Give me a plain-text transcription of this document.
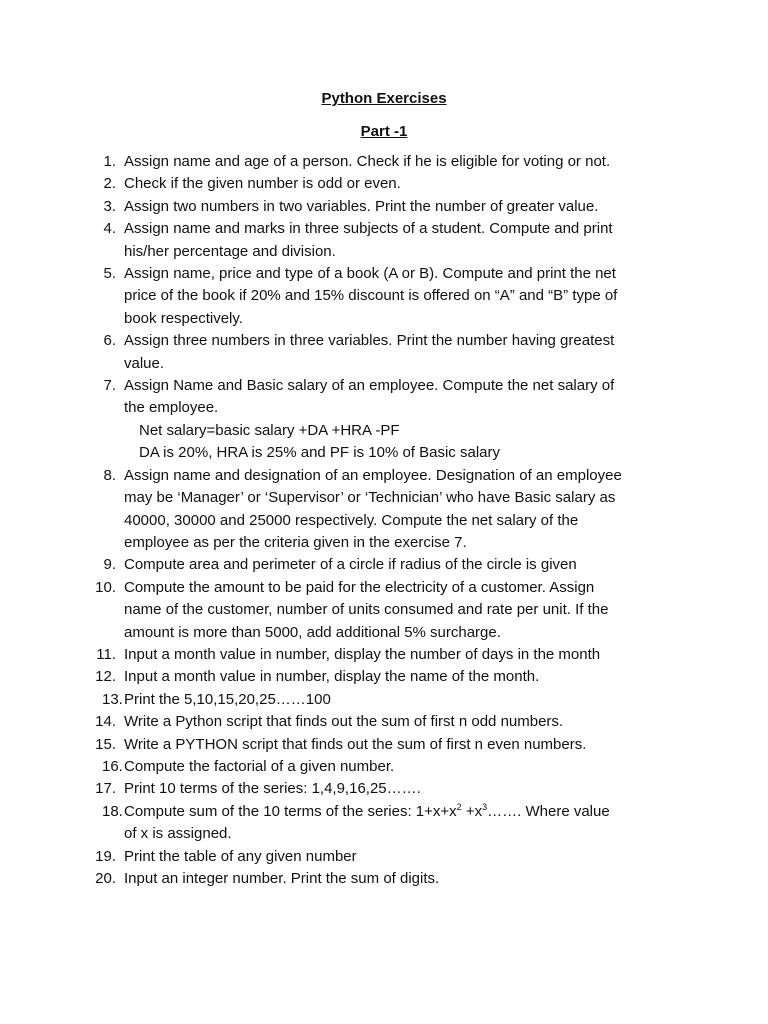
Python Exercises
Part -1
1. Assign name and age of a person. Check if he is eligible for voting or not.
2. Check if the given number is odd or even.
3. Assign two numbers in two variables. Print the number of greater value.
4. Assign name and marks in three subjects of a student. Compute and print
his/her percentage and division.
5. Assign name, price and type of a book (A or B). Compute and print the net
price of the book if 20% and 15% discount is offered on “A” and “B” type of
book respectively.
6. Assign three numbers in three variables. Print the number having greatest
value.
7. Assign Name and Basic salary of an employee. Compute the net salary of
the employee.
Net salary=basic salary +DA +HRA -PF
DA is 20%, HRA is 25% and PF is 10% of Basic salary
8. Assign name and designation of an employee. Designation of an employee
may be ‘Manager’ or ‘Supervisor’ or ‘Technician’ who have Basic salary as
40000, 30000 and 25000 respectively. Compute the net salary of the
employee as per the criteria given in the exercise 7.
9. Compute area and perimeter of a circle if radius of the circle is given
10. Compute the amount to be paid for the electricity of a customer. Assign
name of the customer, number of units consumed and rate per unit. If the
amount is more than 5000, add additional 5% surcharge.
11. Input a month value in number, display the number of days in the month
12. Input a month value in number, display the name of the month.
13. Print the 5,10,15,20,25……100
14. Write a Python script that finds out the sum of first n odd numbers.
15. Write a PYTHON script that finds out the sum of first n even numbers.
16. Compute the factorial of a given number.
17. Print 10 terms of the series: 1,4,9,16,25…….
18. Compute sum of the 10 terms of the series: $1+x+x^2$ $+x^3\dots\dots$. Where value
of x is assigned.
19. Print the table of any given number
20. Input an integer number. Print the sum of digits.
